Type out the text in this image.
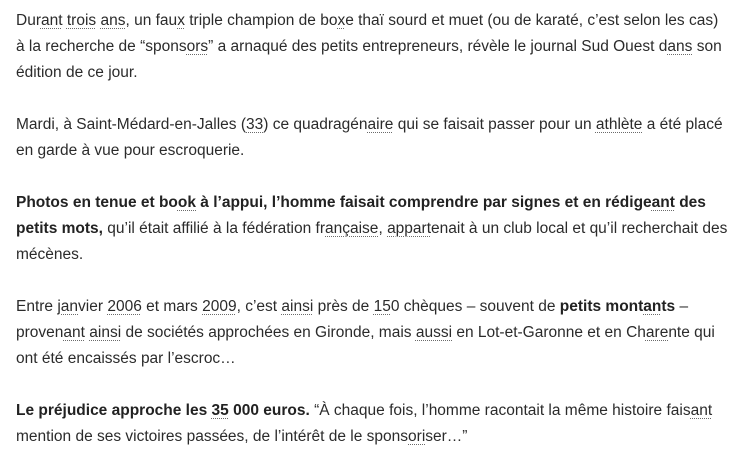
Durant trois ans, un faux triple champion de boxe thaï sourd et muet (ou de karaté, c’est selon les cas) à la recherche de “sponsors” a arnaqué des petits entrepreneurs, révèle le journal Sud Ouest dans son édition de ce jour.

Mardi, à Saint-Médard-en-Jalles (33) ce quadragénaire qui se faisait passer pour un athlète a été placé en garde à vue pour escroquerie.

Photos en tenue et book à l’appui, l’homme faisait comprendre par signes et en rédigeant des petits mots, qu’il était affilié à la fédération française, appartenait à un club local et qu’il recherchait des mécènes.

Entre janvier 2006 et mars 2009, c’est ainsi près de 150 chèques – souvent de petits montants – provenant ainsi de sociétés approchées en Gironde, mais aussi en Lot-et-Garonne et en Charente qui ont été encaissés par l’escroc…

Le préjudice approche les 35 000 euros. “À chaque fois, l’homme racontait la même histoire faisant mention de ses victoires passées, de l’intérêt de le sponsoriser…”
